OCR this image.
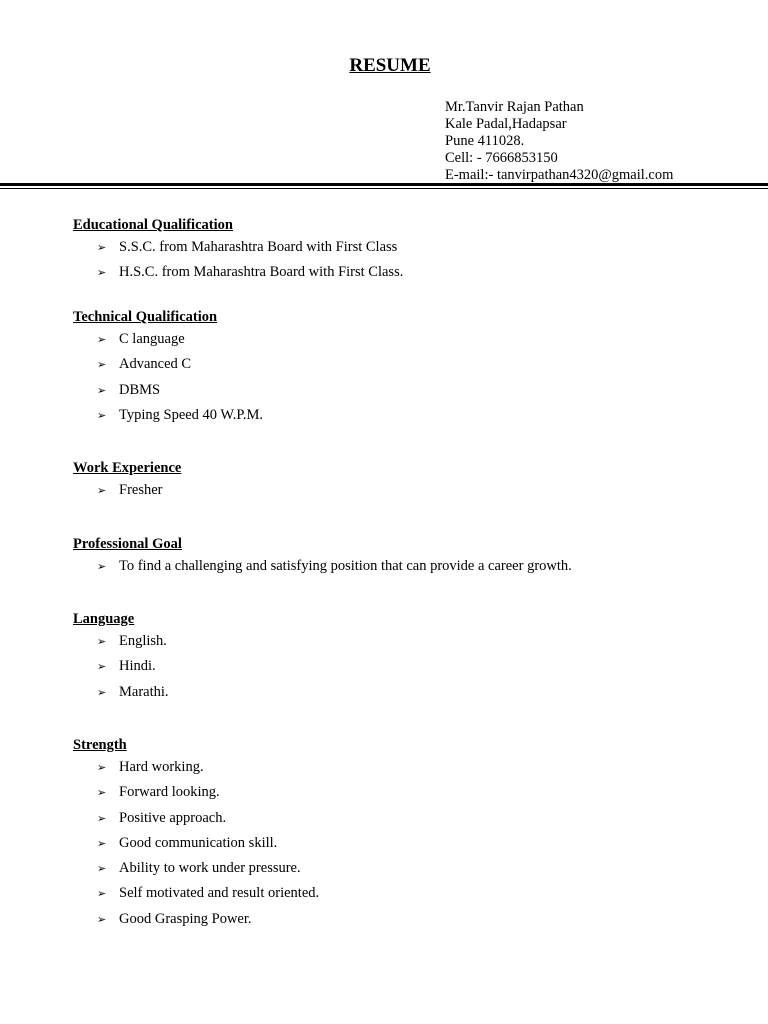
RESUME
Mr.Tanvir Rajan Pathan
Kale Padal,Hadapsar
Pune 411028.
Cell: - 7666853150
E-mail:- tanvirpathan4320@gmail.com
Educational Qualification
➢ S.S.C. from Maharashtra Board with First Class
➢ H.S.C. from Maharashtra Board with First Class.
Technical Qualification
➢ C language
➢ Advanced C
➢ DBMS
➢ Typing Speed 40 W.P.M.
Work Experience
➢ Fresher
Professional Goal
➢ To find a challenging and satisfying position that can provide a career growth.
Language
➢ English.
➢ Hindi.
➢ Marathi.
Strength
➢ Hard working.
➢ Forward looking.
➢ Positive approach.
➢ Good communication skill.
➢ Ability to work under pressure.
➢ Self motivated and result oriented.
➢ Good Grasping Power.
